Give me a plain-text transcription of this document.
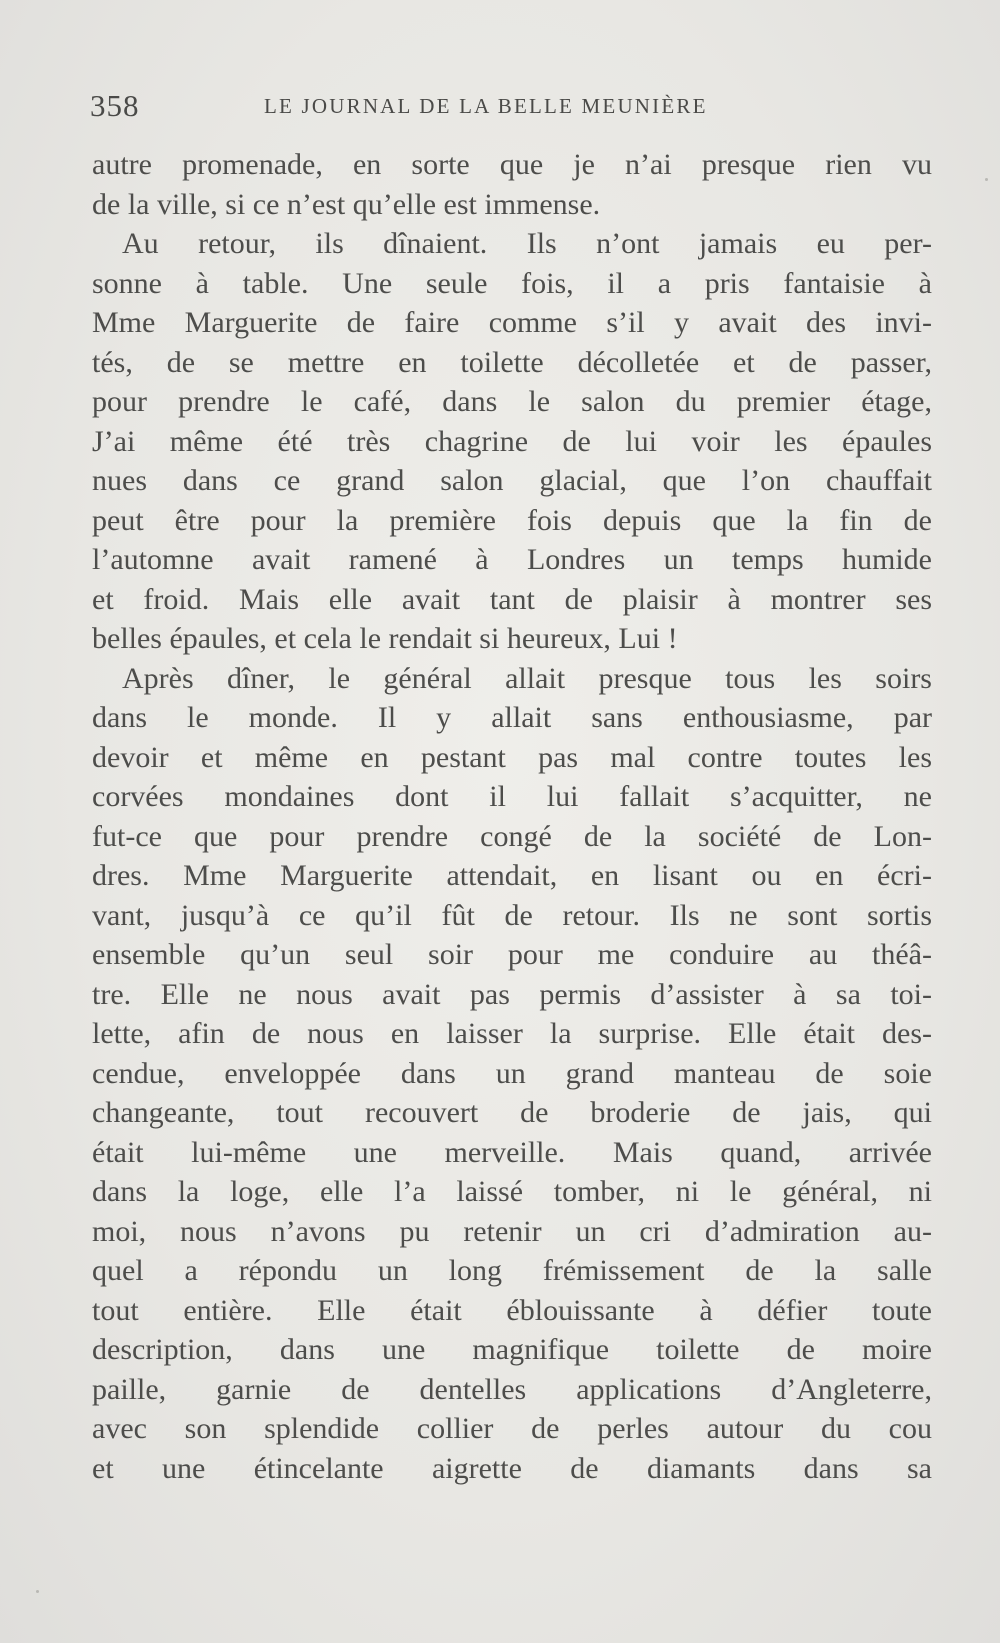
358	LE JOURNAL DE LA BELLE MEUNIÈRE
autre promenade, en sorte que je n’ai presque rien vu
de la ville, si ce n’est qu’elle est immense.
Au retour, ils dînaient. Ils n’ont jamais eu per-
sonne à table. Une seule fois, il a pris fantaisie à
Mme Marguerite de faire comme s’il y avait des invi-
tés, de se mettre en toilette décolletée et de passer,
pour prendre le café, dans le salon du premier étage,
J’ai même été très chagrine de lui voir les épaules
nues dans ce grand salon glacial, que l’on chauffait
peut être pour la première fois depuis que la fin de
l’automne avait ramené à Londres un temps humide
et froid. Mais elle avait tant de plaisir à montrer ses
belles épaules, et cela le rendait si heureux, Lui !
Après dîner, le général allait presque tous les soirs
dans le monde. Il y allait sans enthousiasme, par
devoir et même en pestant pas mal contre toutes les
corvées mondaines dont il lui fallait s’acquitter, ne
fut-ce que pour prendre congé de la société de Lon-
dres. Mme Marguerite attendait, en lisant ou en écri-
vant, jusqu’à ce qu’il fût de retour. Ils ne sont sortis
ensemble qu’un seul soir pour me conduire au théâ-
tre. Elle ne nous avait pas permis d’assister à sa toi-
lette, afin de nous en laisser la surprise. Elle était des-
cendue, enveloppée dans un grand manteau de soie
changeante, tout recouvert de broderie de jais, qui
était lui-même une merveille. Mais quand, arrivée
dans la loge, elle l’a laissé tomber, ni le général, ni
moi, nous n’avons pu retenir un cri d’admiration au-
quel a répondu un long frémissement de la salle
tout entière. Elle était éblouissante à défier toute
description, dans une magnifique toilette de moire
paille, garnie de dentelles applications d’Angleterre,
avec son splendide collier de perles autour du cou
et une étincelante aigrette de diamants dans sa
